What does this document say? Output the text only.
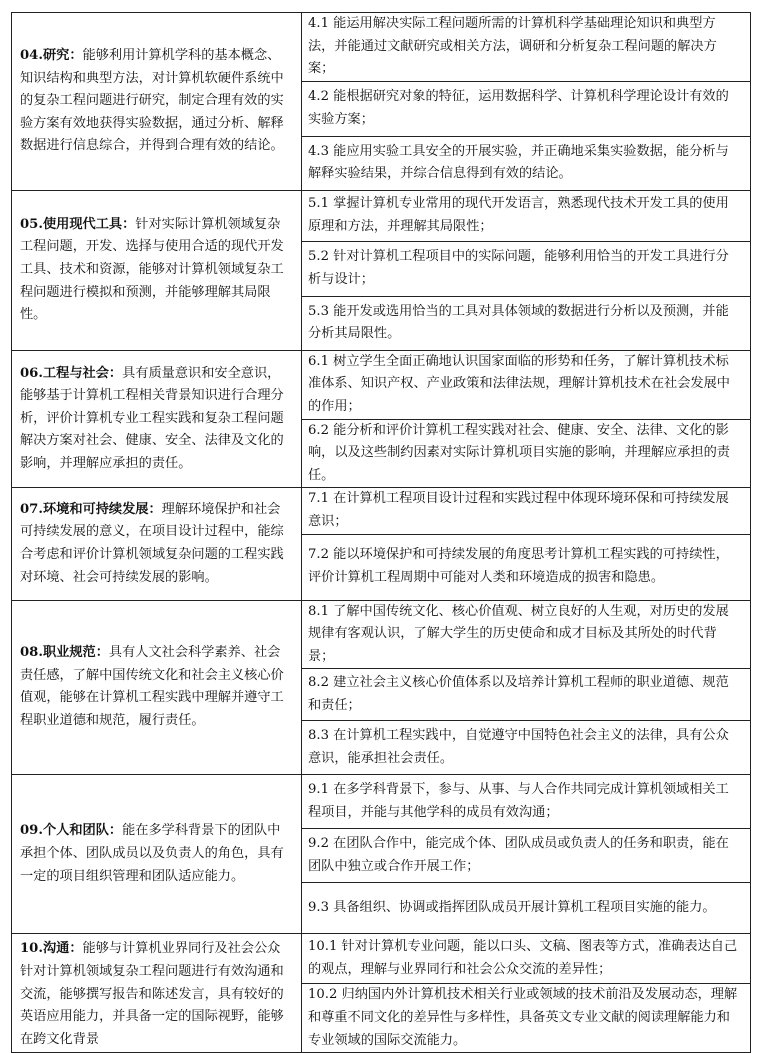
04.研究：能够利用计算机学科的基本概念、知识结构和典型方法，对计算机软硬件系统中的复杂工程问题进行研究，制定合理有效的实验方案有效地获得实验数据，通过分析、解释数据进行信息综合，并得到合理有效的结论。	4.1 能运用解决实际工程问题所需的计算机科学基础理论知识和典型方法，并能通过文献研究或相关方法，调研和分析复杂工程问题的解决方案；
	4.2 能根据研究对象的特征，运用数据科学、计算机科学理论设计有效的实验方案；
	4.3 能应用实验工具安全的开展实验，并正确地采集实验数据，能分析与解释实验结果，并综合信息得到有效的结论。
05.使用现代工具：针对实际计算机领域复杂工程问题，开发、选择与使用合适的现代开发工具、技术和资源，能够对计算机领域复杂工程问题进行模拟和预测，并能够理解其局限性。	5.1 掌握计算机专业常用的现代开发语言，熟悉现代技术开发工具的使用原理和方法，并理解其局限性；
	5.2 针对计算机工程项目中的实际问题，能够利用恰当的开发工具进行分析与设计；
	5.3 能开发或选用恰当的工具对具体领域的数据进行分析以及预测，并能分析其局限性。
06.工程与社会：具有质量意识和安全意识，能够基于计算机工程相关背景知识进行合理分析，评价计算机专业工程实践和复杂工程问题解决方案对社会、健康、安全、法律及文化的影响，并理解应承担的责任。	6.1 树立学生全面正确地认识国家面临的形势和任务，了解计算机技术标准体系、知识产权、产业政策和法律法规，理解计算机技术在社会发展中的作用；
	6.2 能分析和评价计算机工程实践对社会、健康、安全、法律、文化的影响，以及这些制约因素对实际计算机项目实施的影响，并理解应承担的责任。
07.环境和可持续发展：理解环境保护和社会可持续发展的意义，在项目设计过程中，能综合考虑和评价计算机领域复杂问题的工程实践对环境、社会可持续发展的影响。	7.1 在计算机工程项目设计过程和实践过程中体现环境环保和可持续发展意识；
	7.2 能以环境保护和可持续发展的角度思考计算机工程实践的可持续性，评价计算机工程周期中可能对人类和环境造成的损害和隐患。
08.职业规范：具有人文社会科学素养、社会责任感，了解中国传统文化和社会主义核心价值观，能够在计算机工程实践中理解并遵守工程职业道德和规范，履行责任。	8.1 了解中国传统文化、核心价值观、树立良好的人生观，对历史的发展规律有客观认识，了解大学生的历史使命和成才目标及其所处的时代背景；
	8.2 建立社会主义核心价值体系以及培养计算机工程师的职业道德、规范和责任；
	8.3 在计算机工程实践中，自觉遵守中国特色社会主义的法律，具有公众意识，能承担社会责任。
09.个人和团队：能在多学科背景下的团队中承担个体、团队成员以及负责人的角色，具有一定的项目组织管理和团队适应能力。	9.1 在多学科背景下，参与、从事、与人合作共同完成计算机领域相关工程项目，并能与其他学科的成员有效沟通；
	9.2 在团队合作中，能完成个体、团队成员或负责人的任务和职责，能在团队中独立或合作开展工作；
	9.3 具备组织、协调或指挥团队成员开展计算机工程项目实施的能力。
10.沟通：能够与计算机业界同行及社会公众针对计算机领域复杂工程问题进行有效沟通和交流，能够撰写报告和陈述发言，具有较好的英语应用能力，并具备一定的国际视野，能够在跨文化背景	10.1 针对计算机专业问题，能以口头、文稿、图表等方式，准确表达自己的观点，理解与业界同行和社会公众交流的差异性；
	10.2 归纳国内外计算机技术相关行业或领域的技术前沿及发展动态，理解和尊重不同文化的差异性与多样性，具备英文专业文献的阅读理解能力和专业领域的国际交流能力。
